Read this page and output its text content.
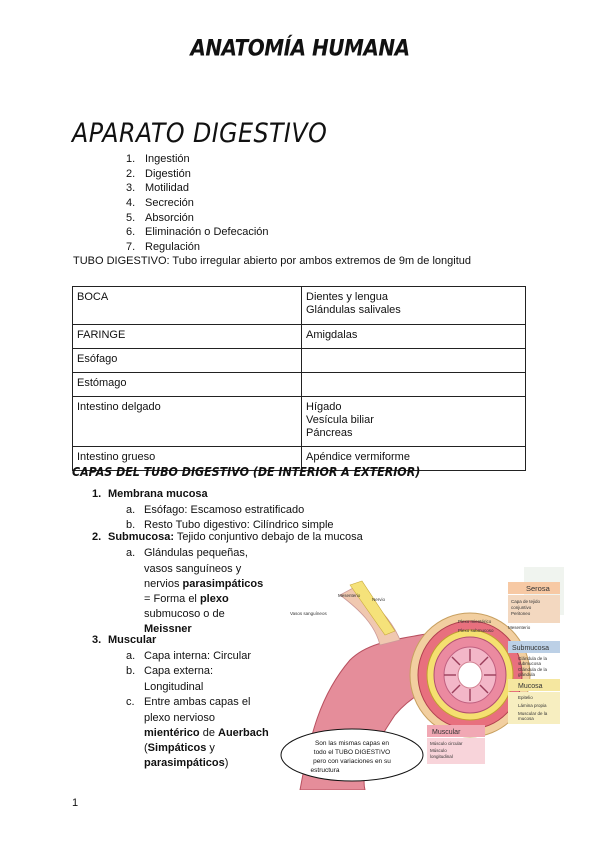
ANATOMÍA HUMANA
APARATO DIGESTIVO
1. Ingestión
2. Digestión
3. Motilidad
4. Secreción
5. Absorción
6. Eliminación o Defecación
7. Regulación
TUBO DIGESTIVO: Tubo irregular abierto por ambos extremos de 9m de longitud
BOCA	Dientes y lengua
Glándulas salivales

FARINGE	Amigdalas

Esófago	
Estómago	
Intestino delgado	Hígado
Vesícula biliar
Páncreas

Intestino grueso	Apéndice vermiforme
CAPAS DEL TUBO DIGESTIVO (DE INTERIOR A EXTERIOR)
1. Membrana mucosa
a. Esófago: Escamoso estratificado
b. Resto Tubo digestivo: Cilíndrico simple
2. Submucosa: Tejido conjuntivo debajo de la mucosa
a. Glándulas pequeñas,
vasos sanguíneos y
nervios parasimpáticos
= Forma el plexo
submucoso o de
Meissner
3. Muscular
a. Capa interna: Circular
b. Capa externa:
Longitudinal
c. Entre ambas capas el
plexo nervioso
mientérico de Auerbach
(Simpáticos y
parasimpáticos)
Serosa
Capa de tejido
conjuntivo
Peritoneo
Plexo mientérico
Plexo submucoso
Mesenterio
Mesenterio
Nervio
Vasos sanguíneos
Submucosa
Glándula de la
submucosa
Glándula de la
glándula
Mucosa
Epitelio
Lámina propia
Muscular de la
mucosa
Muscular
Músculo circular
Músculo
longitudinal
Son las mismas capas en
todo el TUBO DIGESTIVO
pero con variaciones en su
estructura
1
